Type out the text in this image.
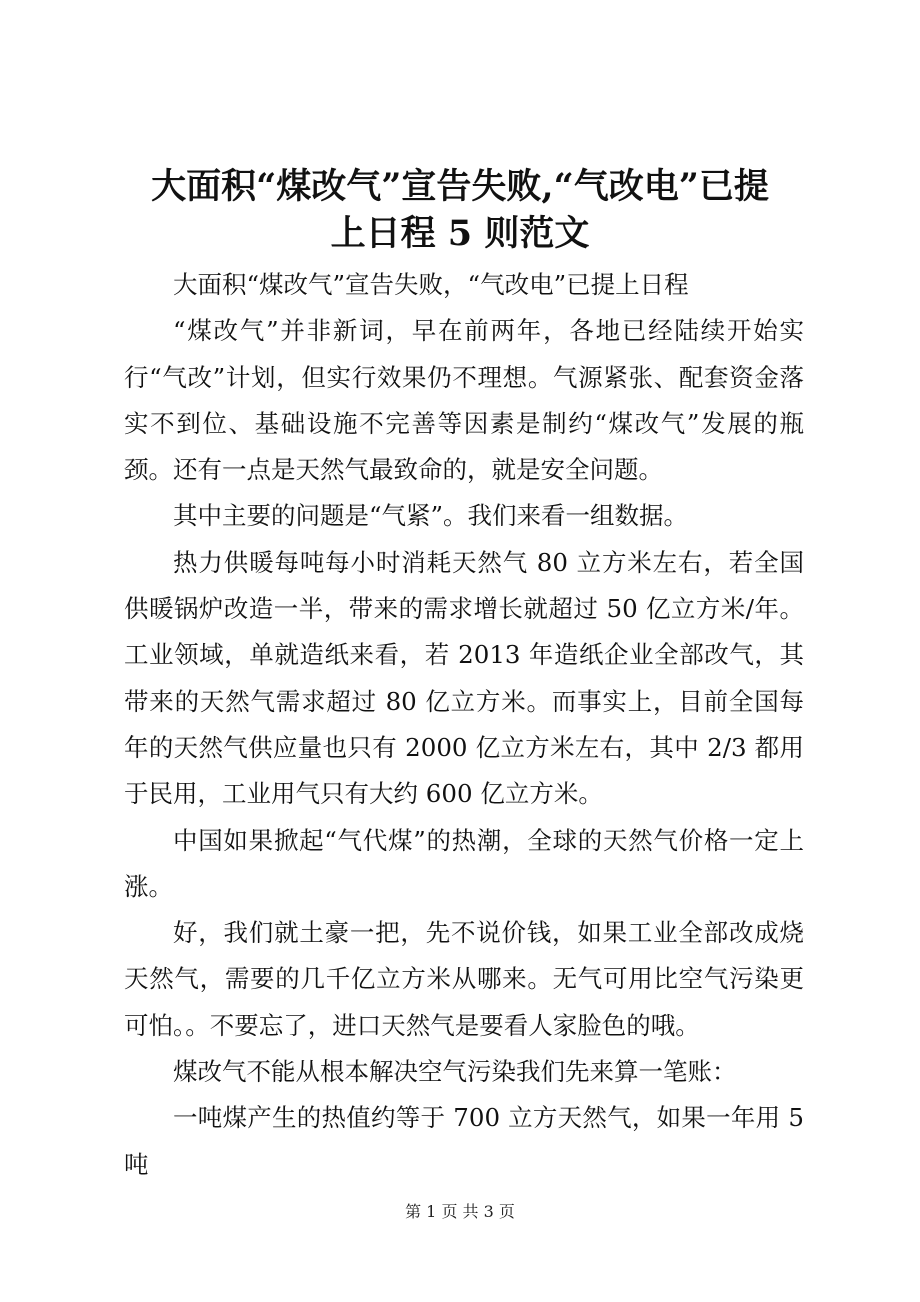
大面积“煤改气”宣告失败,“气改电”已提
上日程 5 则范文

大面积“煤改气”宣告失败，“气改电”已提上日程

“煤改气”并非新词，早在前两年，各地已经陆续开始实行“气改”计划，但实行效果仍不理想。气源紧张、配套资金落实不到位、基础设施不完善等因素是制约“煤改气”发展的瓶颈。还有一点是天然气最致命的，就是安全问题。

其中主要的问题是“气紧”。我们来看一组数据。

热力供暖每吨每小时消耗天然气 80 立方米左右，若全国供暖锅炉改造一半，带来的需求增长就超过 50 亿立方米/年。工业领域，单就造纸来看，若 2013 年造纸企业全部改气，其带来的天然气需求超过 80 亿立方米。而事实上，目前全国每年的天然气供应量也只有 2000 亿立方米左右，其中 2/3 都用于民用，工业用气只有大约 600 亿立方米。

中国如果掀起“气代煤”的热潮，全球的天然气价格一定上涨。

好，我们就土豪一把，先不说价钱，如果工业全部改成烧天然气，需要的几千亿立方米从哪来。无气可用比空气污染更可怕。。不要忘了，进口天然气是要看人家脸色的哦。

煤改气不能从根本解决空气污染我们先来算一笔账：

一吨煤产生的热值约等于 700 立方天然气，如果一年用 5 吨

第 1 页 共 3 页
